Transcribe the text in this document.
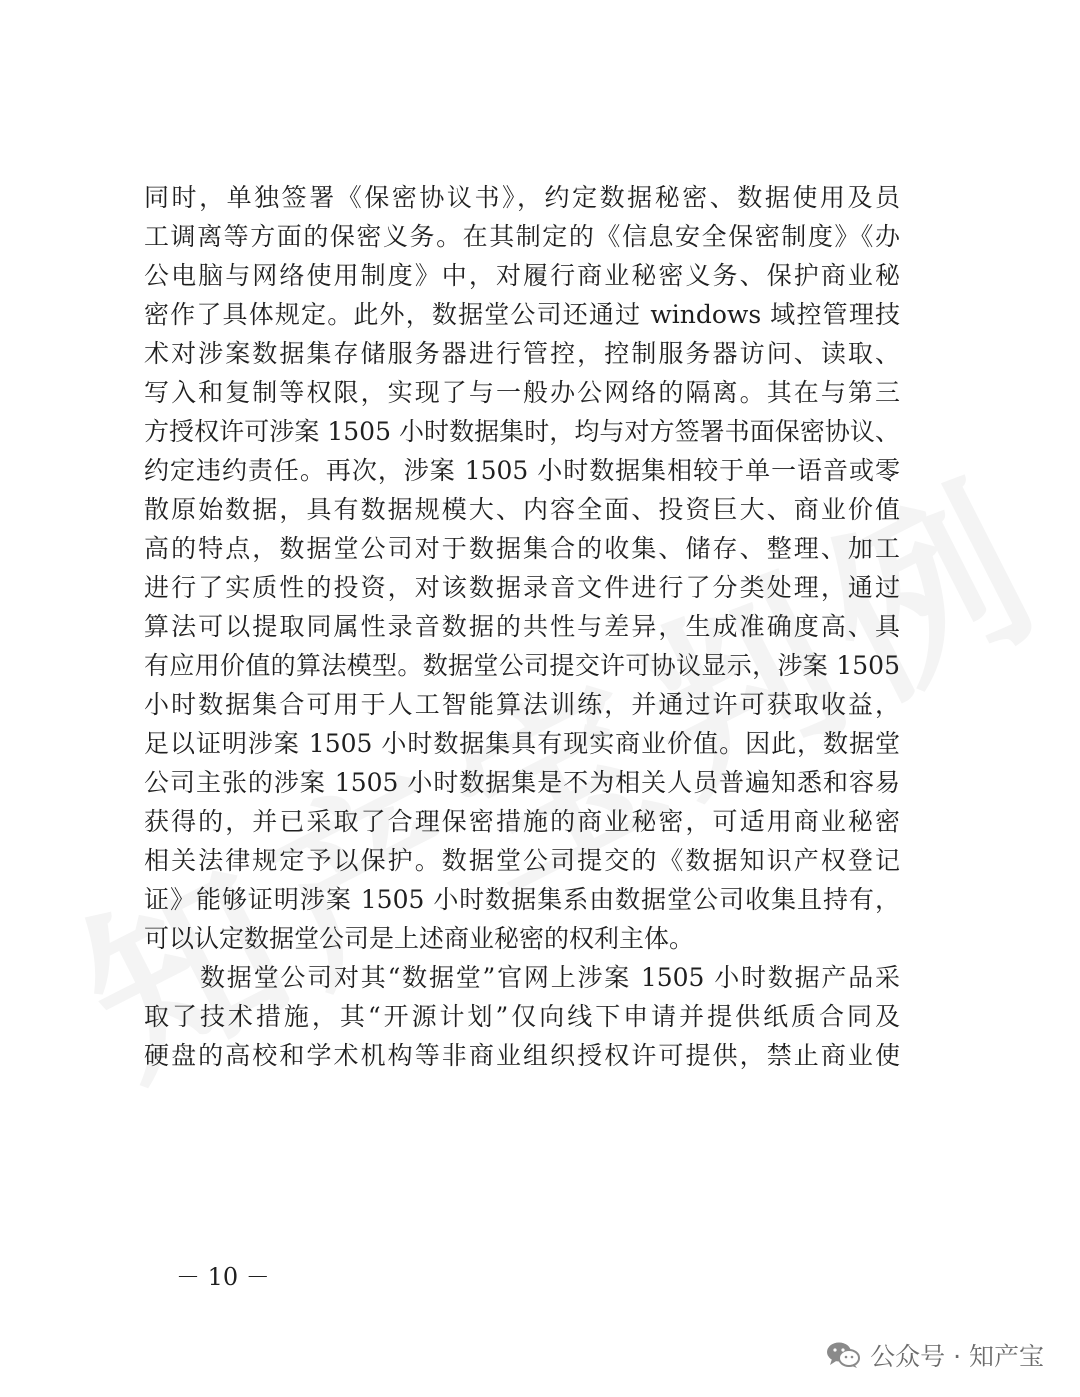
同时，单独签署《保密协议书》，约定数据秘密、数据使用及员
工调离等方面的保密义务。在其制定的《信息安全保密制度》《办
公电脑与网络使用制度》中，对履行商业秘密义务、保护商业秘
密作了具体规定。此外，数据堂公司还通过 windows 域控管理技
术对涉案数据集存储服务器进行管控，控制服务器访问、读取、
写入和复制等权限，实现了与一般办公网络的隔离。其在与第三
方授权许可涉案 1505 小时数据集时，均与对方签署书面保密协议、
约定违约责任。再次，涉案 1505 小时数据集相较于单一语音或零
散原始数据，具有数据规模大、内容全面、投资巨大、商业价值
高的特点，数据堂公司对于数据集合的收集、储存、整理、加工
进行了实质性的投资，对该数据录音文件进行了分类处理，通过
算法可以提取同属性录音数据的共性与差异，生成准确度高、具
有应用价值的算法模型。数据堂公司提交许可协议显示，涉案 1505
小时数据集合可用于人工智能算法训练，并通过许可获取收益，
足以证明涉案 1505 小时数据集具有现实商业价值。因此，数据堂
公司主张的涉案 1505 小时数据集是不为相关人员普遍知悉和容易
获得的，并已采取了合理保密措施的商业秘密，可适用商业秘密
相关法律规定予以保护。数据堂公司提交的《数据知识产权登记
证》能够证明涉案 1505 小时数据集系由数据堂公司收集且持有，
可以认定数据堂公司是上述商业秘密的权利主体。
数据堂公司对其“数据堂”官网上涉案 1505 小时数据产品采
取了技术措施，其“开源计划”仅向线下申请并提供纸质合同及
硬盘的高校和学术机构等非商业组织授权许可提供，禁止商业使
－ 10 －
公众号 · 知产宝
